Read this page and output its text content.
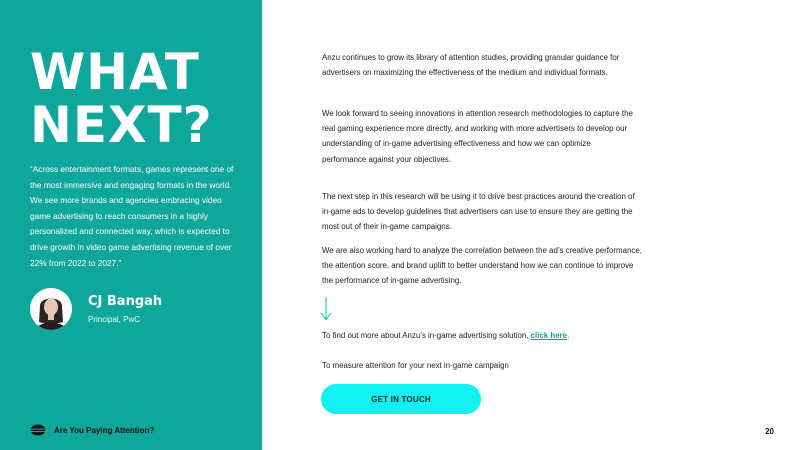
WHAT
NEXT?

“Across entertainment formats, games represent one of the most immersive and engaging formats in the world. We see more brands and agencies embracing video game advertising to reach consumers in a highly personalized and connected way, which is expected to drive growth in video game advertising revenue of over 22% from 2022 to 2027.”

CJ Bangah
Principal, PwC
Are You Paying Attention?

Anzu continues to grow its library of attention studies, providing granular guidance for advertisers on maximizing the effectiveness of the medium and individual formats.

We look forward to seeing innovations in attention research methodologies to capture the real gaming experience more directly, and working with more advertisers to develop our understanding of in-game advertising effectiveness and how we can optimize performance against your objectives.

The next step in this research will be using it to drive best practices around the creation of in-game ads to develop guidelines that advertisers can use to ensure they are getting the most out of their in-game campaigns.

We are also working hard to analyze the correlation between the ad’s creative performance, the attention score, and brand uplift to better understand how we can continue to improve the performance of in-game advertising.

To find out more about Anzu’s in-game advertising solution, click here.

To measure attention for your next in-game campaign

GET IN TOUCH
20
